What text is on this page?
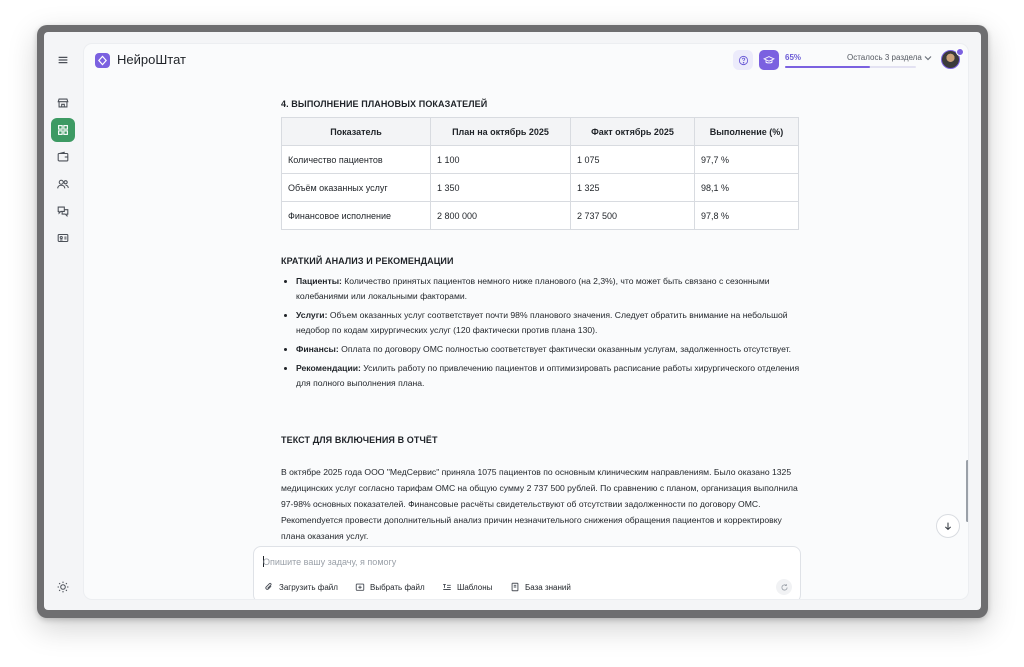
НейроШтат	65%	Осталось 3 раздела
4. ВЫПОЛНЕНИЕ ПЛАНОВЫХ ПОКАЗАТЕЛЕЙ
Показатель	План на октябрь 2025	Факт октябрь 2025	Выполнение (%)
Количество пациентов	1 100	1 075	97,7 %
Объём оказанных услуг	1 350	1 325	98,1 %
Финансовое исполнение	2 800 000	2 737 500	97,8 %
КРАТКИЙ АНАЛИЗ И РЕКОМЕНДАЦИИ
Пациенты: Количество принятых пациентов немного ниже планового (на 2,3%), что может быть связано с сезонными колебаниями или локальными факторами.
Услуги: Объем оказанных услуг соответствует почти 98% планового значения. Следует обратить внимание на небольшой недобор по кодам хирургических услуг (120 фактически против плана 130).
Финансы: Оплата по договору ОМС полностью соответствует фактически оказанным услугам, задолженность отсутствует.
Рекомендации: Усилить работу по привлечению пациентов и оптимизировать расписание работы хирургического отделения для полного выполнения плана.
ТЕКСТ ДЛЯ ВКЛЮЧЕНИЯ В ОТЧЁТ

В октябре 2025 года ООО "МедСервис" приняла 1075 пациентов по основным клиническим направлениям. Было оказано 1325 медицинских услуг согласно тарифам ОМС на общую сумму 2 737 500 рублей. По сравнению с планом, организация выполнила 97-98% основных показателей. Финансовые расчёты свидетельствуют об отсутствии задолженности по договору ОМС. Рекоmendуется провести дополнительный анализ причин незначительного снижения обращения пациентов и корректировку плана оказания услуг.

Опишите вашу задачу, я помогу
Загрузить файл	Выбрать файл	Шаблоны	База знаний
